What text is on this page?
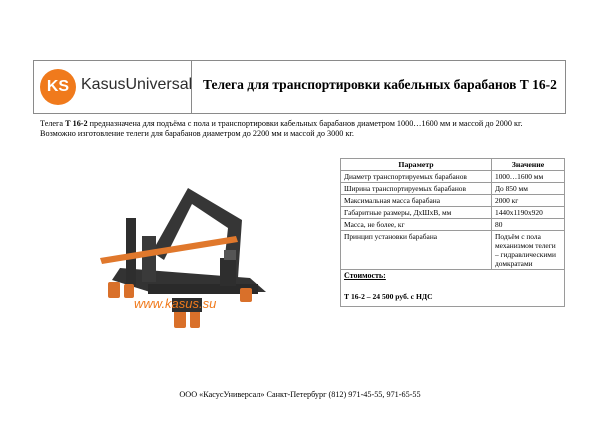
KS KasusUniversal Телега для транспортировки кабельных барабанов Т 16-2

Телега Т 16-2 предназначена для подъёма с пола и транспортировки кабельных барабанов диаметром 1000…1600 мм и массой до 2000 кг.

Возможно изготовление телеги для барабанов диаметром до 2200 мм и массой до 3000 кг.

www.kasus.su
Параметр	Значение
Диаметр транспортируемых барабанов	1000…1600 мм
Ширина транспортируемых барабанов	До 850 мм
Максимальная масса барабана	2000 кг
Габаритные размеры, ДхШхВ, мм	1440х1190х920
Масса, не более, кг	80
Принцип установки барабана	Подъём с пола механизмом телеги – гидравлическими домкратами

Стоимость:
Т 16-2 – 24 500 руб. с НДС	
ООО «КасусУниверсал» Санкт-Петербург (812) 971-45-55, 971-65-55
